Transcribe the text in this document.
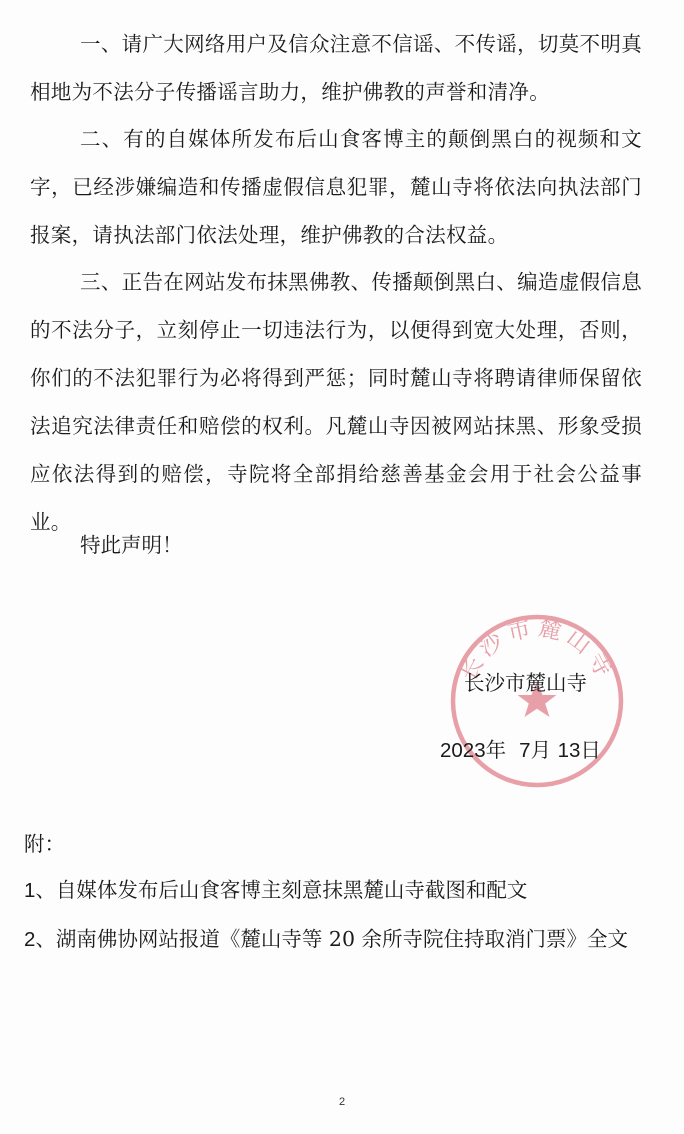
一、请广大网络用户及信众注意不信谣、不传谣，切莫不明真相地为不法分子传播谣言助力，维护佛教的声誉和清净。

二、有的自媒体所发布后山食客博主的颠倒黑白的视频和文字，已经涉嫌编造和传播虚假信息犯罪，麓山寺将依法向执法部门报案，请执法部门依法处理，维护佛教的合法权益。

三、正告在网站发布抹黑佛教、传播颠倒黑白、编造虚假信息的不法分子，立刻停止一切违法行为，以便得到宽大处理，否则，你们的不法犯罪行为必将得到严惩；同时麓山寺将聘请律师保留依法追究法律责任和赔偿的权利。凡麓山寺因被网站抹黑、形象受损应依法得到的赔偿，寺院将全部捐给慈善基金会用于社会公益事业。

特此声明！
长沙市麓山寺
长沙市麓山寺
2023年 7月 13日
附：
1、自媒体发布后山食客博主刻意抹黑麓山寺截图和配文
2、湖南佛协网站报道《麓山寺等 20 余所寺院住持取消门票》全文
2
